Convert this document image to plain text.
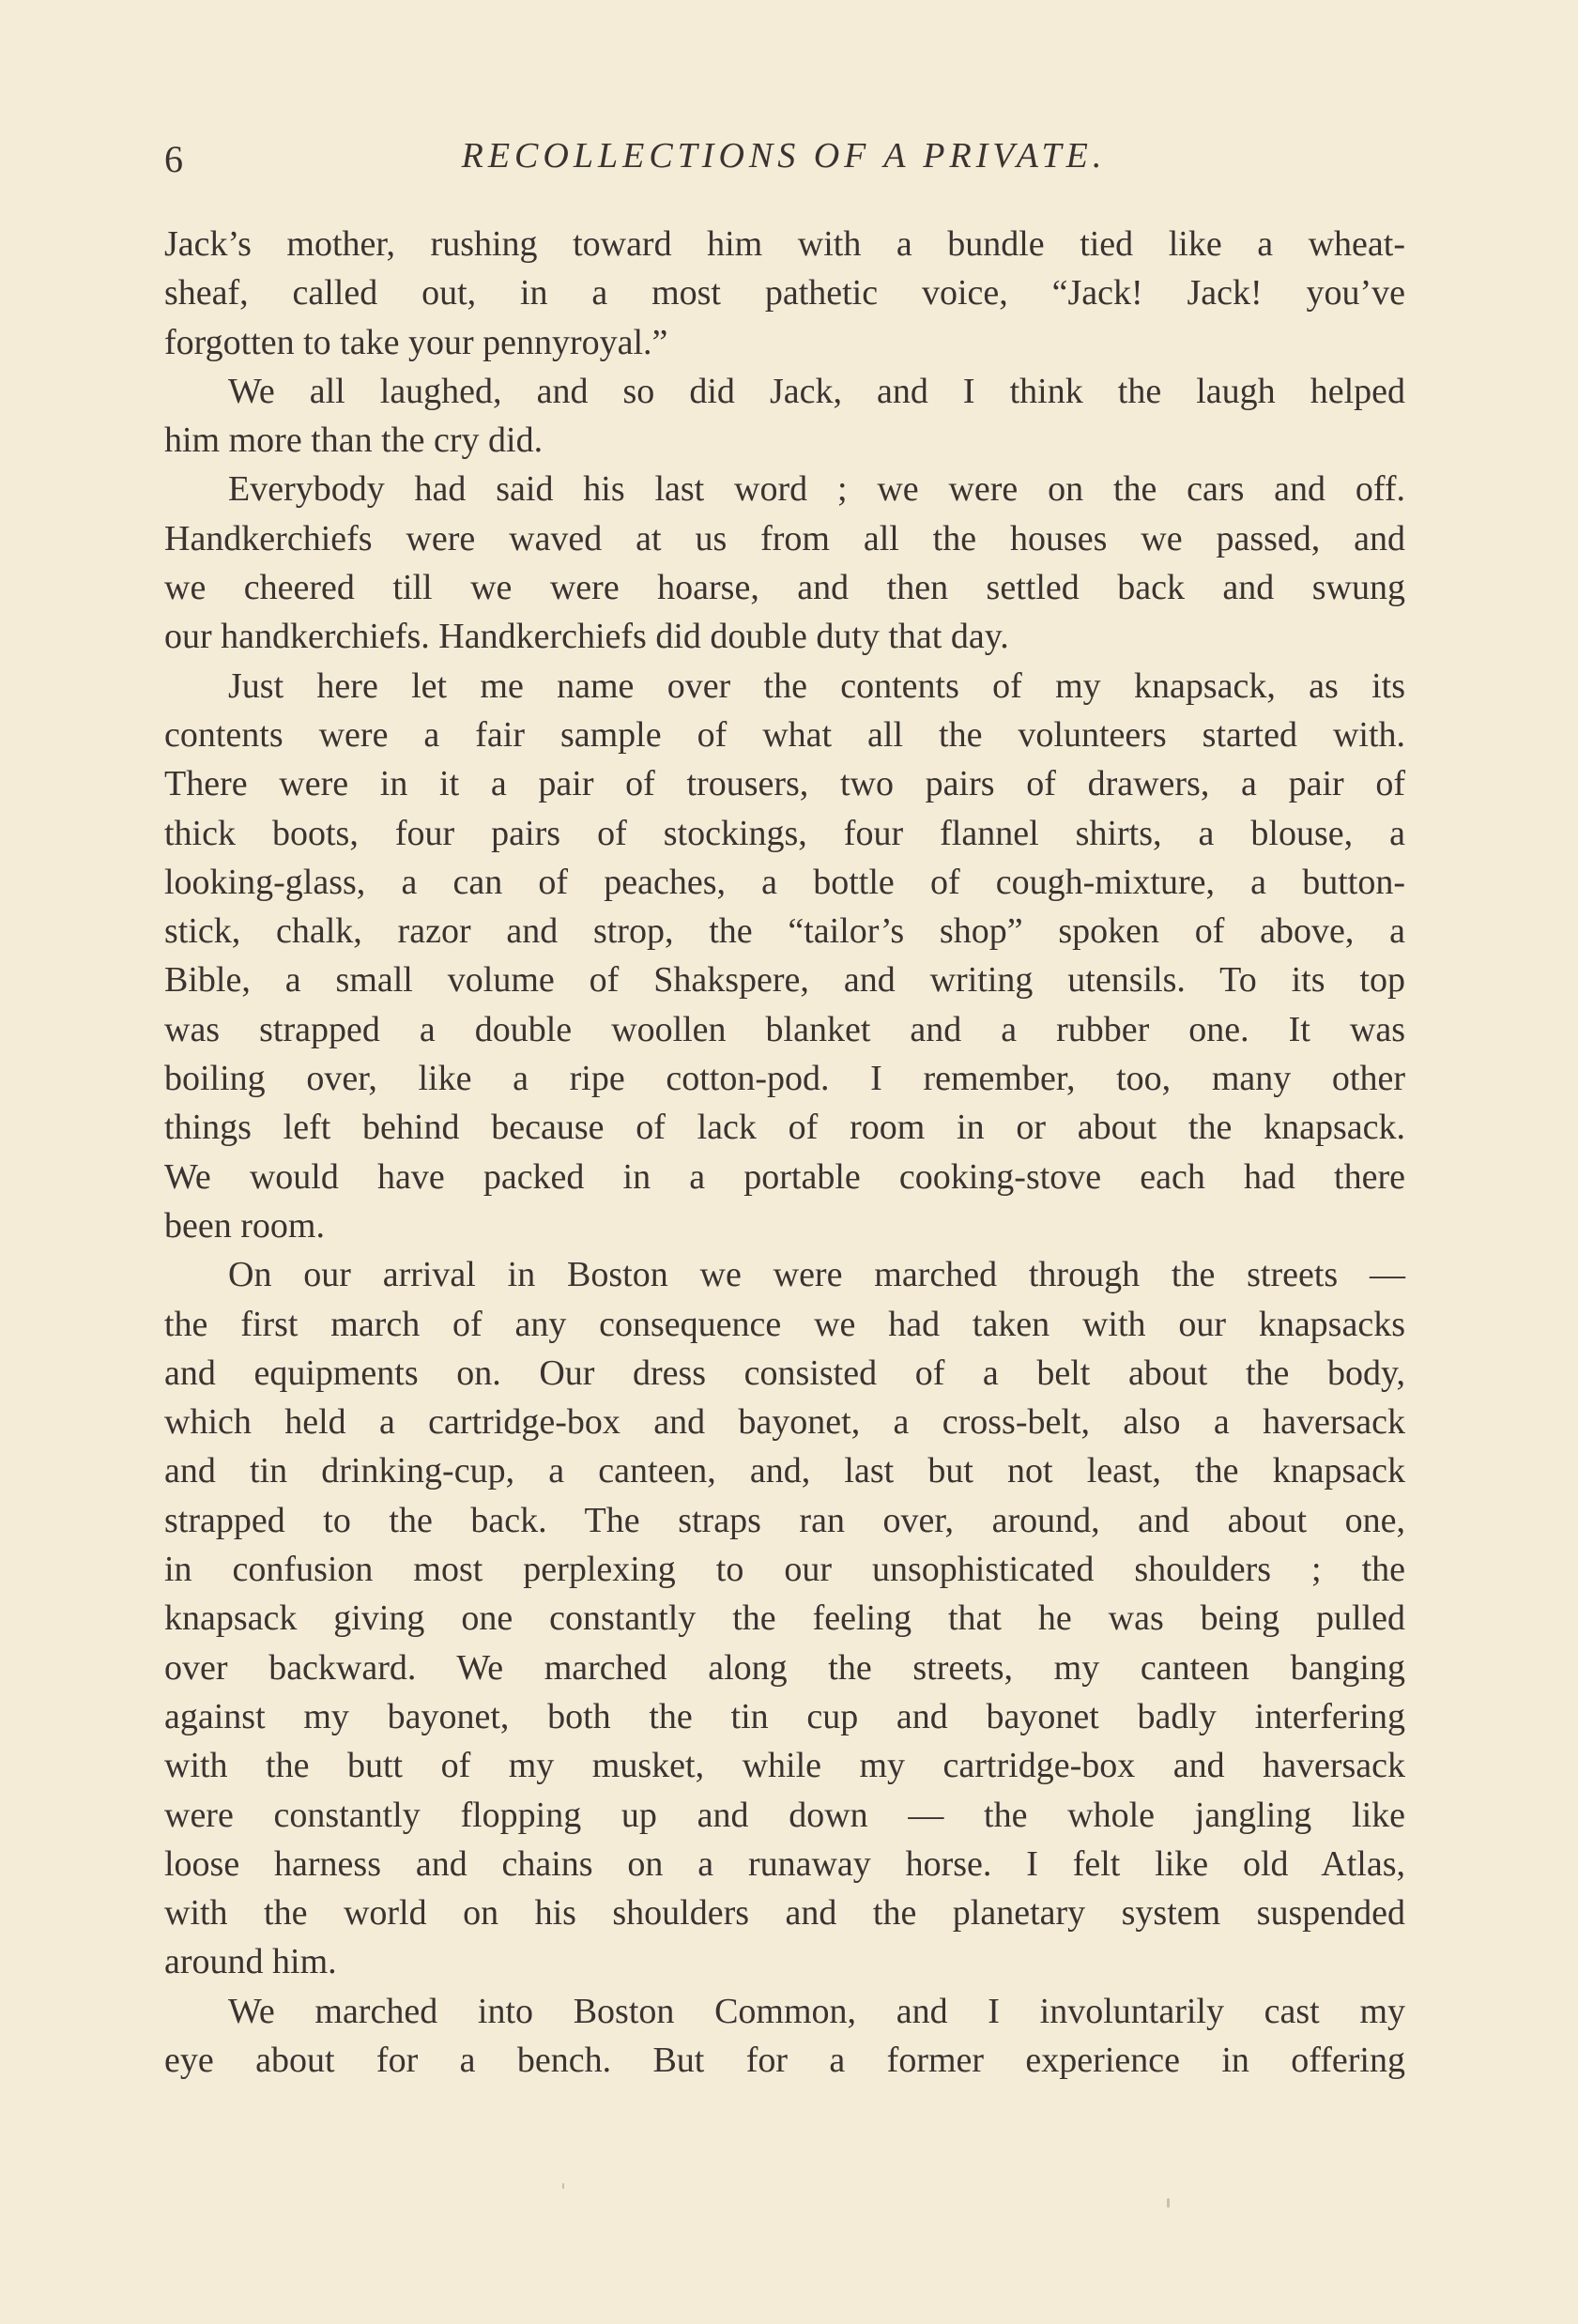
6	RECOLLECTIONS OF A PRIVATE.
Jack’s mother, rushing toward him with a bundle tied like a wheat-
sheaf, called out, in a most pathetic voice, “Jack! Jack! you’ve
forgotten to take your pennyroyal.”
We all laughed, and so did Jack, and I think the laugh helped
him more than the cry did.
Everybody had said his last word ; we were on the cars and off.
Handkerchiefs were waved at us from all the houses we passed, and
we cheered till we were hoarse, and then settled back and swung
our handkerchiefs. Handkerchiefs did double duty that day.
Just here let me name over the contents of my knapsack, as its
contents were a fair sample of what all the volunteers started with.
There were in it a pair of trousers, two pairs of drawers, a pair of
thick boots, four pairs of stockings, four flannel shirts, a blouse, a
looking-glass, a can of peaches, a bottle of cough-mixture, a button-
stick, chalk, razor and strop, the “tailor’s shop” spoken of above, a
Bible, a small volume of Shakspere, and writing utensils. To its top
was strapped a double woollen blanket and a rubber one. It was
boiling over, like a ripe cotton-pod. I remember, too, many other
things left behind because of lack of room in or about the knapsack.
We would have packed in a portable cooking-stove each had there
been room.
On our arrival in Boston we were marched through the streets —
the first march of any consequence we had taken with our knapsacks
and equipments on. Our dress consisted of a belt about the body,
which held a cartridge-box and bayonet, a cross-belt, also a haversack
and tin drinking-cup, a canteen, and, last but not least, the knapsack
strapped to the back. The straps ran over, around, and about one,
in confusion most perplexing to our unsophisticated shoulders ; the
knapsack giving one constantly the feeling that he was being pulled
over backward. We marched along the streets, my canteen banging
against my bayonet, both the tin cup and bayonet badly interfering
with the butt of my musket, while my cartridge-box and haversack
were constantly flopping up and down — the whole jangling like
loose harness and chains on a runaway horse. I felt like old Atlas,
with the world on his shoulders and the planetary system suspended
around him.
We marched into Boston Common, and I involuntarily cast my
eye about for a bench. But for a former experience in offering
